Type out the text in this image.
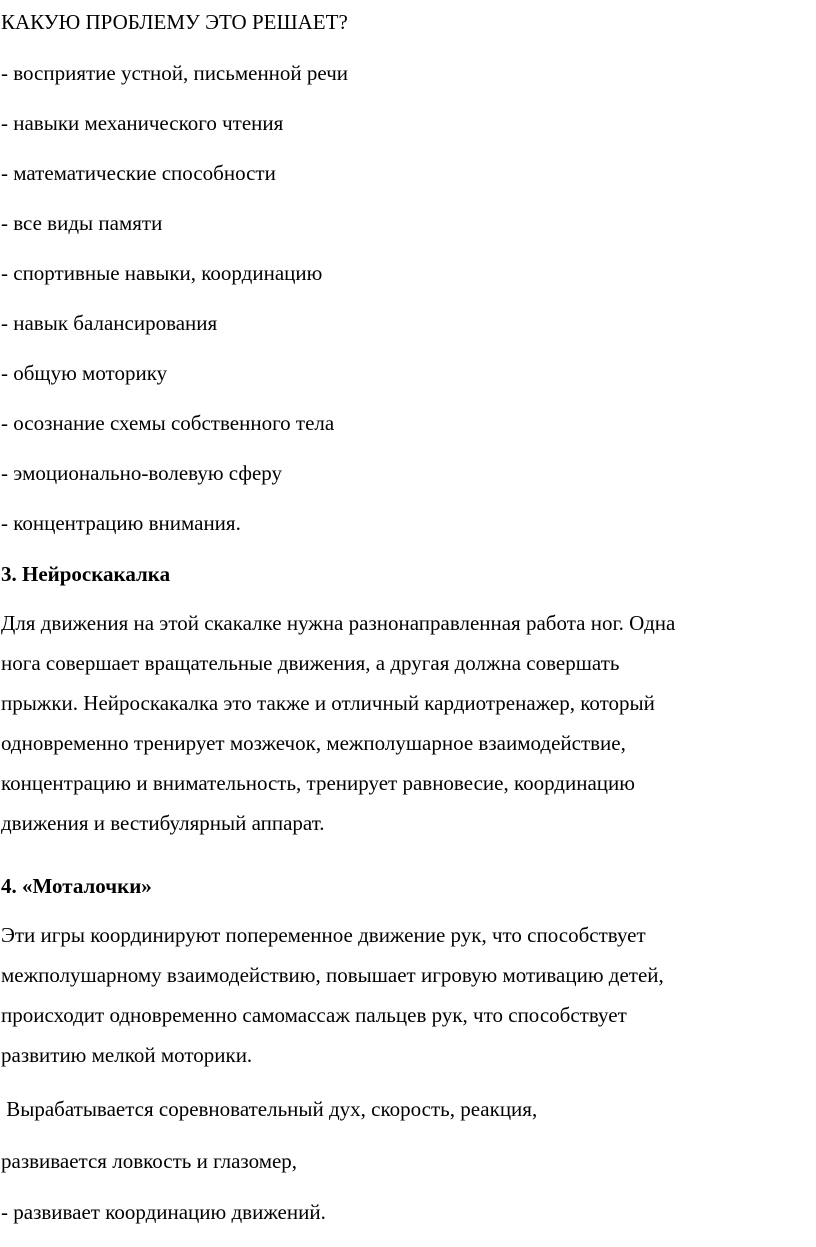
КАКУЮ ПРОБЛЕМУ ЭТО РЕШАЕТ?
- восприятие устной, письменной речи
- навыки механического чтения
- математические способности
- все виды памяти
- спортивные навыки, координацию
- навык балансирования
- общую моторику
- осознание схемы собственного тела
- эмоционально-волевую сферу
- концентрацию внимания.
3. Нейроскакалка
Для движения на этой скакалке нужна разнонаправленная работа ног. Одна
нога совершает вращательные движения, а другая должна совершать
прыжки. Нейроскакалка это также и отличный кардиотренажер, который
одновременно тренирует мозжечок, межполушарное взаимодействие,
концентрацию и внимательность, тренирует равновесие, координацию
движения и вестибулярный аппарат.
4. «Моталочки»
Эти игры координируют попеременное движение рук, что способствует
межполушарному взаимодействию, повышает игровую мотивацию детей,
происходит одновременно самомассаж пальцев рук, что способствует
развитию мелкой моторики.
Вырабатывается соревновательный дух, скорость, реакция,
развивается ловкость и глазомер,
- развивает координацию движений.
